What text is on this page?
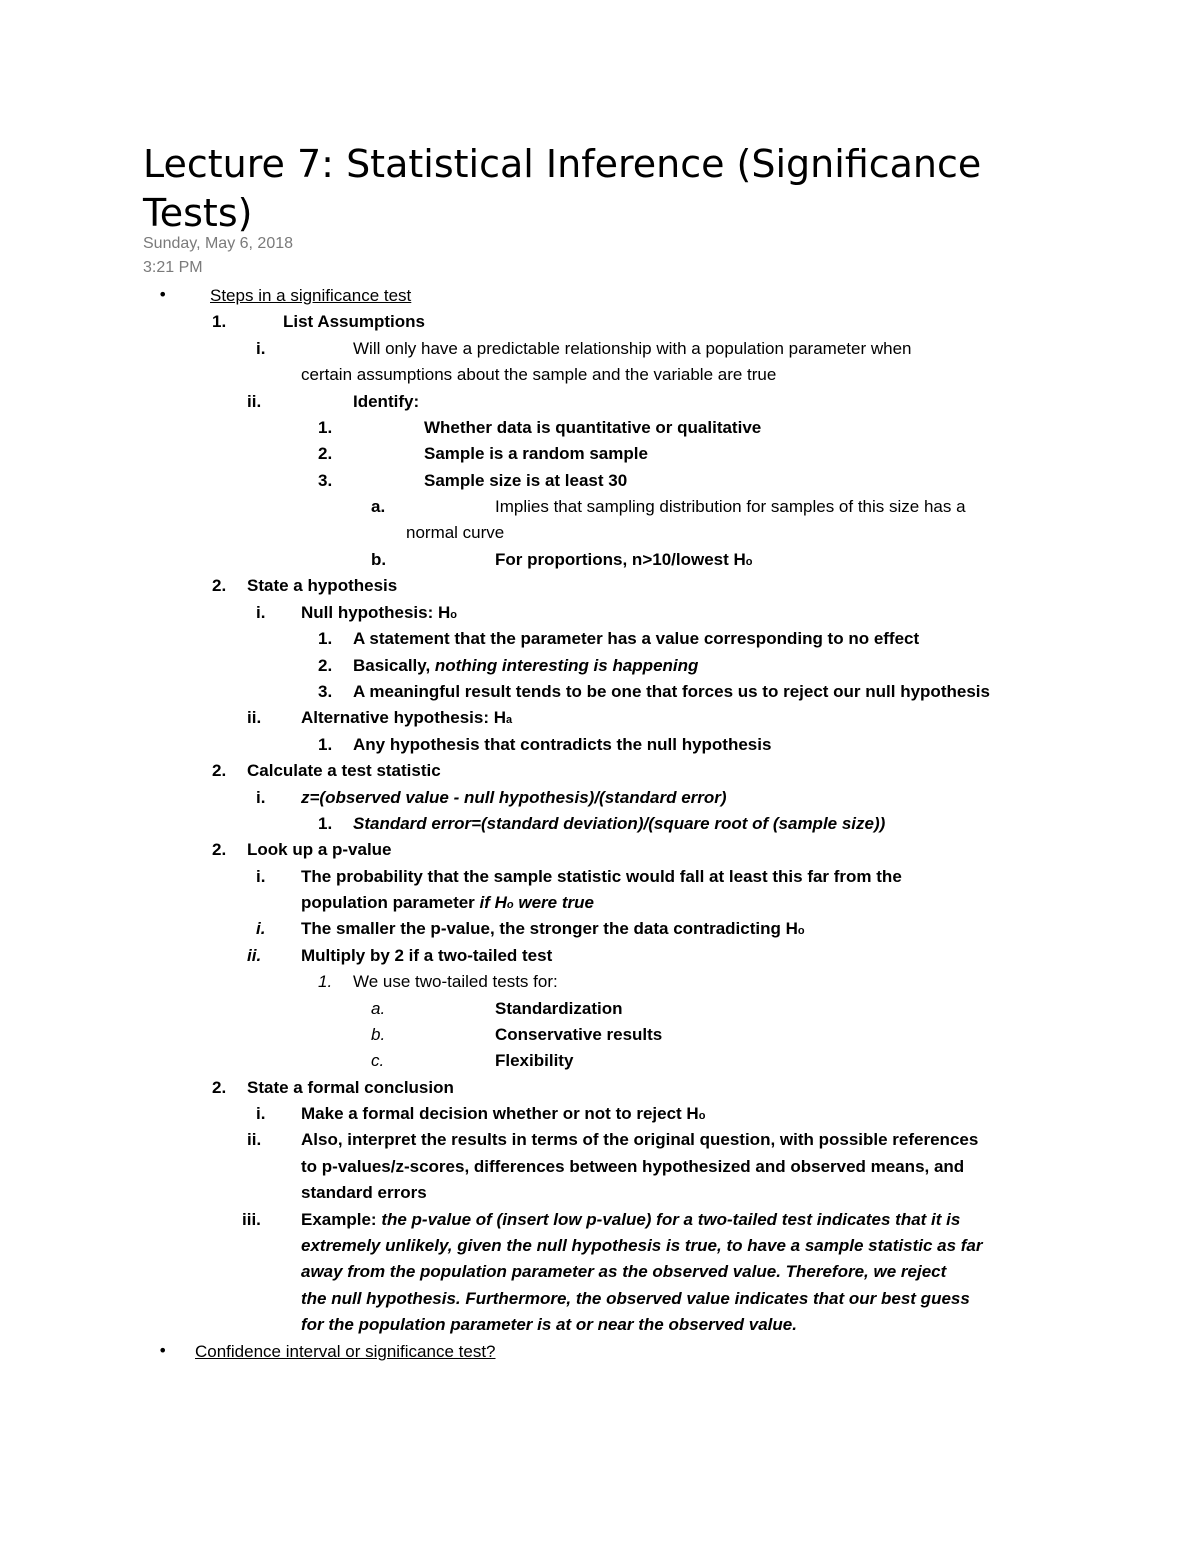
Lecture 7: Statistical Inference (Significance Tests)
Sunday, May 6, 2018
3:21 PM
•	Steps in a significance test
1.	List Assumptions
i.	Will only have a predictable relationship with a population parameter when
certain assumptions about the sample and the variable are true
ii.	Identify:
1.	Whether data is quantitative or qualitative
2.	Sample is a random sample
3.	Sample size is at least 30
a.	Implies that sampling distribution for samples of this size has a
normal curve
b.	For proportions, n>10/lowest Ho
2. State a hypothesis
i. Null hypothesis: Ho
1. A statement that the parameter has a value corresponding to no effect
2. Basically, nothing interesting is happening
3. A meaningful result tends to be one that forces us to reject our null hypothesis
ii. Alternative hypothesis: Ha
1. Any hypothesis that contradicts the null hypothesis
2. Calculate a test statistic
i. z=(observed value - null hypothesis)/(standard error)
1. Standard error=(standard deviation)/(square root of (sample size))
2. Look up a p-value
i. The probability that the sample statistic would fall at least this far from the
population parameter if Ho were true
i. The smaller the p-value, the stronger the data contradicting Ho
ii. Multiply by 2 if a two-tailed test
1. We use two-tailed tests for:
a.	Standardization
b.	Conservative results
c.	Flexibility
2. State a formal conclusion
i. Make a formal decision whether or not to reject Ho
ii. Also, interpret the results in terms of the original question, with possible references
to p-values/z-scores, differences between hypothesized and observed means, and
standard errors
iii. Example: the p-value of (insert low p-value) for a two-tailed test indicates that it is
extremely unlikely, given the null hypothesis is true, to have a sample statistic as far
away from the population parameter as the observed value. Therefore, we reject
the null hypothesis. Furthermore, the observed value indicates that our best guess
for the population parameter is at or near the observed value.
• Confidence interval or significance test?
